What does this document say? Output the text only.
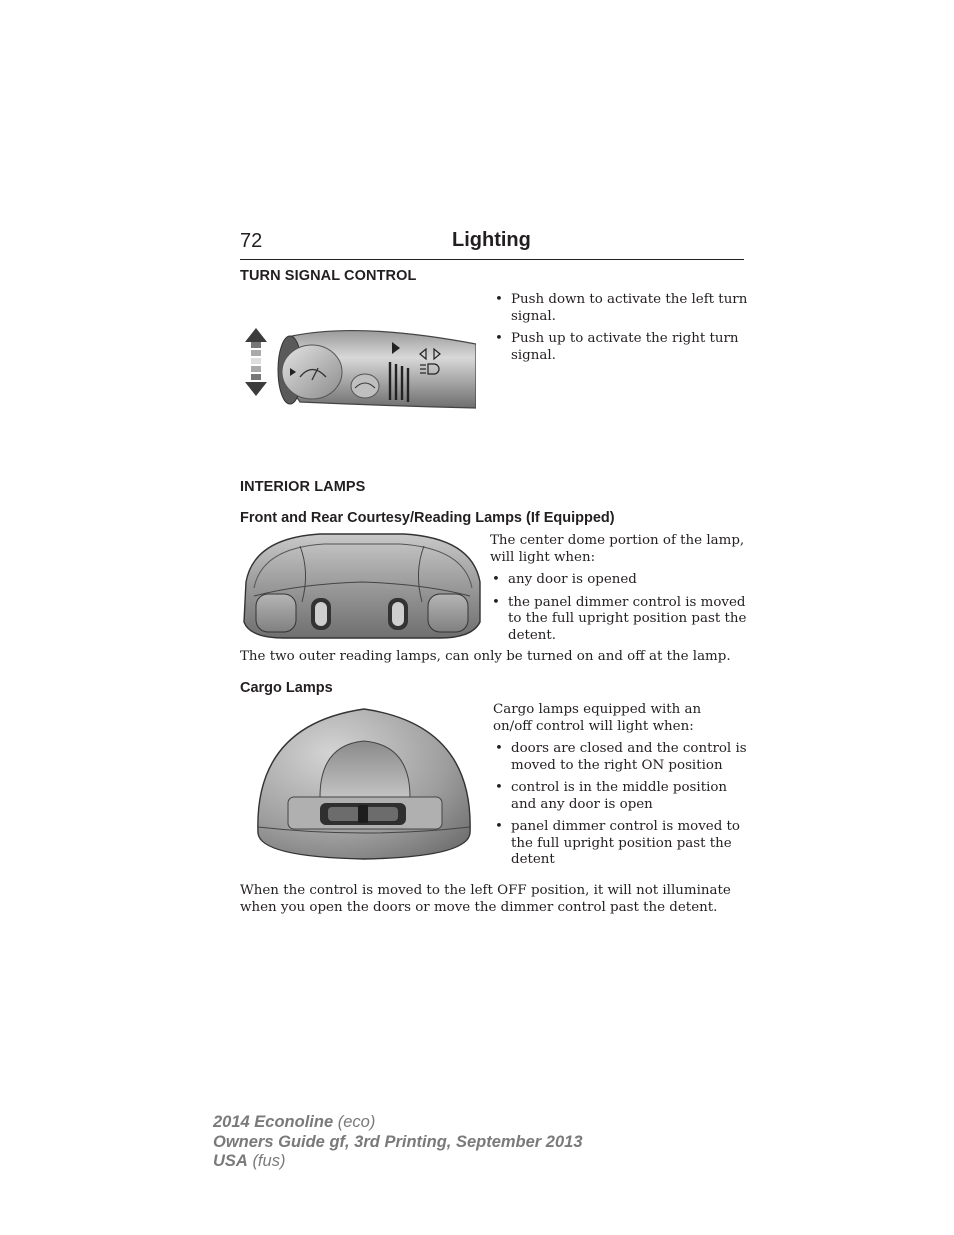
72	Lighting
TURN SIGNAL CONTROL
• Push down to activate the left turn signal.
• Push up to activate the right turn signal.
INTERIOR LAMPS
Front and Rear Courtesy/Reading Lamps (If Equipped)
The center dome portion of the lamp, will light when:
• any door is opened
• the panel dimmer control is moved to the full upright position past the detent.
The two outer reading lamps, can only be turned on and off at the lamp.
Cargo Lamps
Cargo lamps equipped with an on/off control will light when:
• doors are closed and the control is moved to the right ON position
• control is in the middle position and any door is open
• panel dimmer control is moved to the full upright position past the detent
When the control is moved to the left OFF position, it will not illuminate when you open the doors or move the dimmer control past the detent.
2014 Econoline (eco)
Owners Guide gf, 3rd Printing, September 2013
USA (fus)
